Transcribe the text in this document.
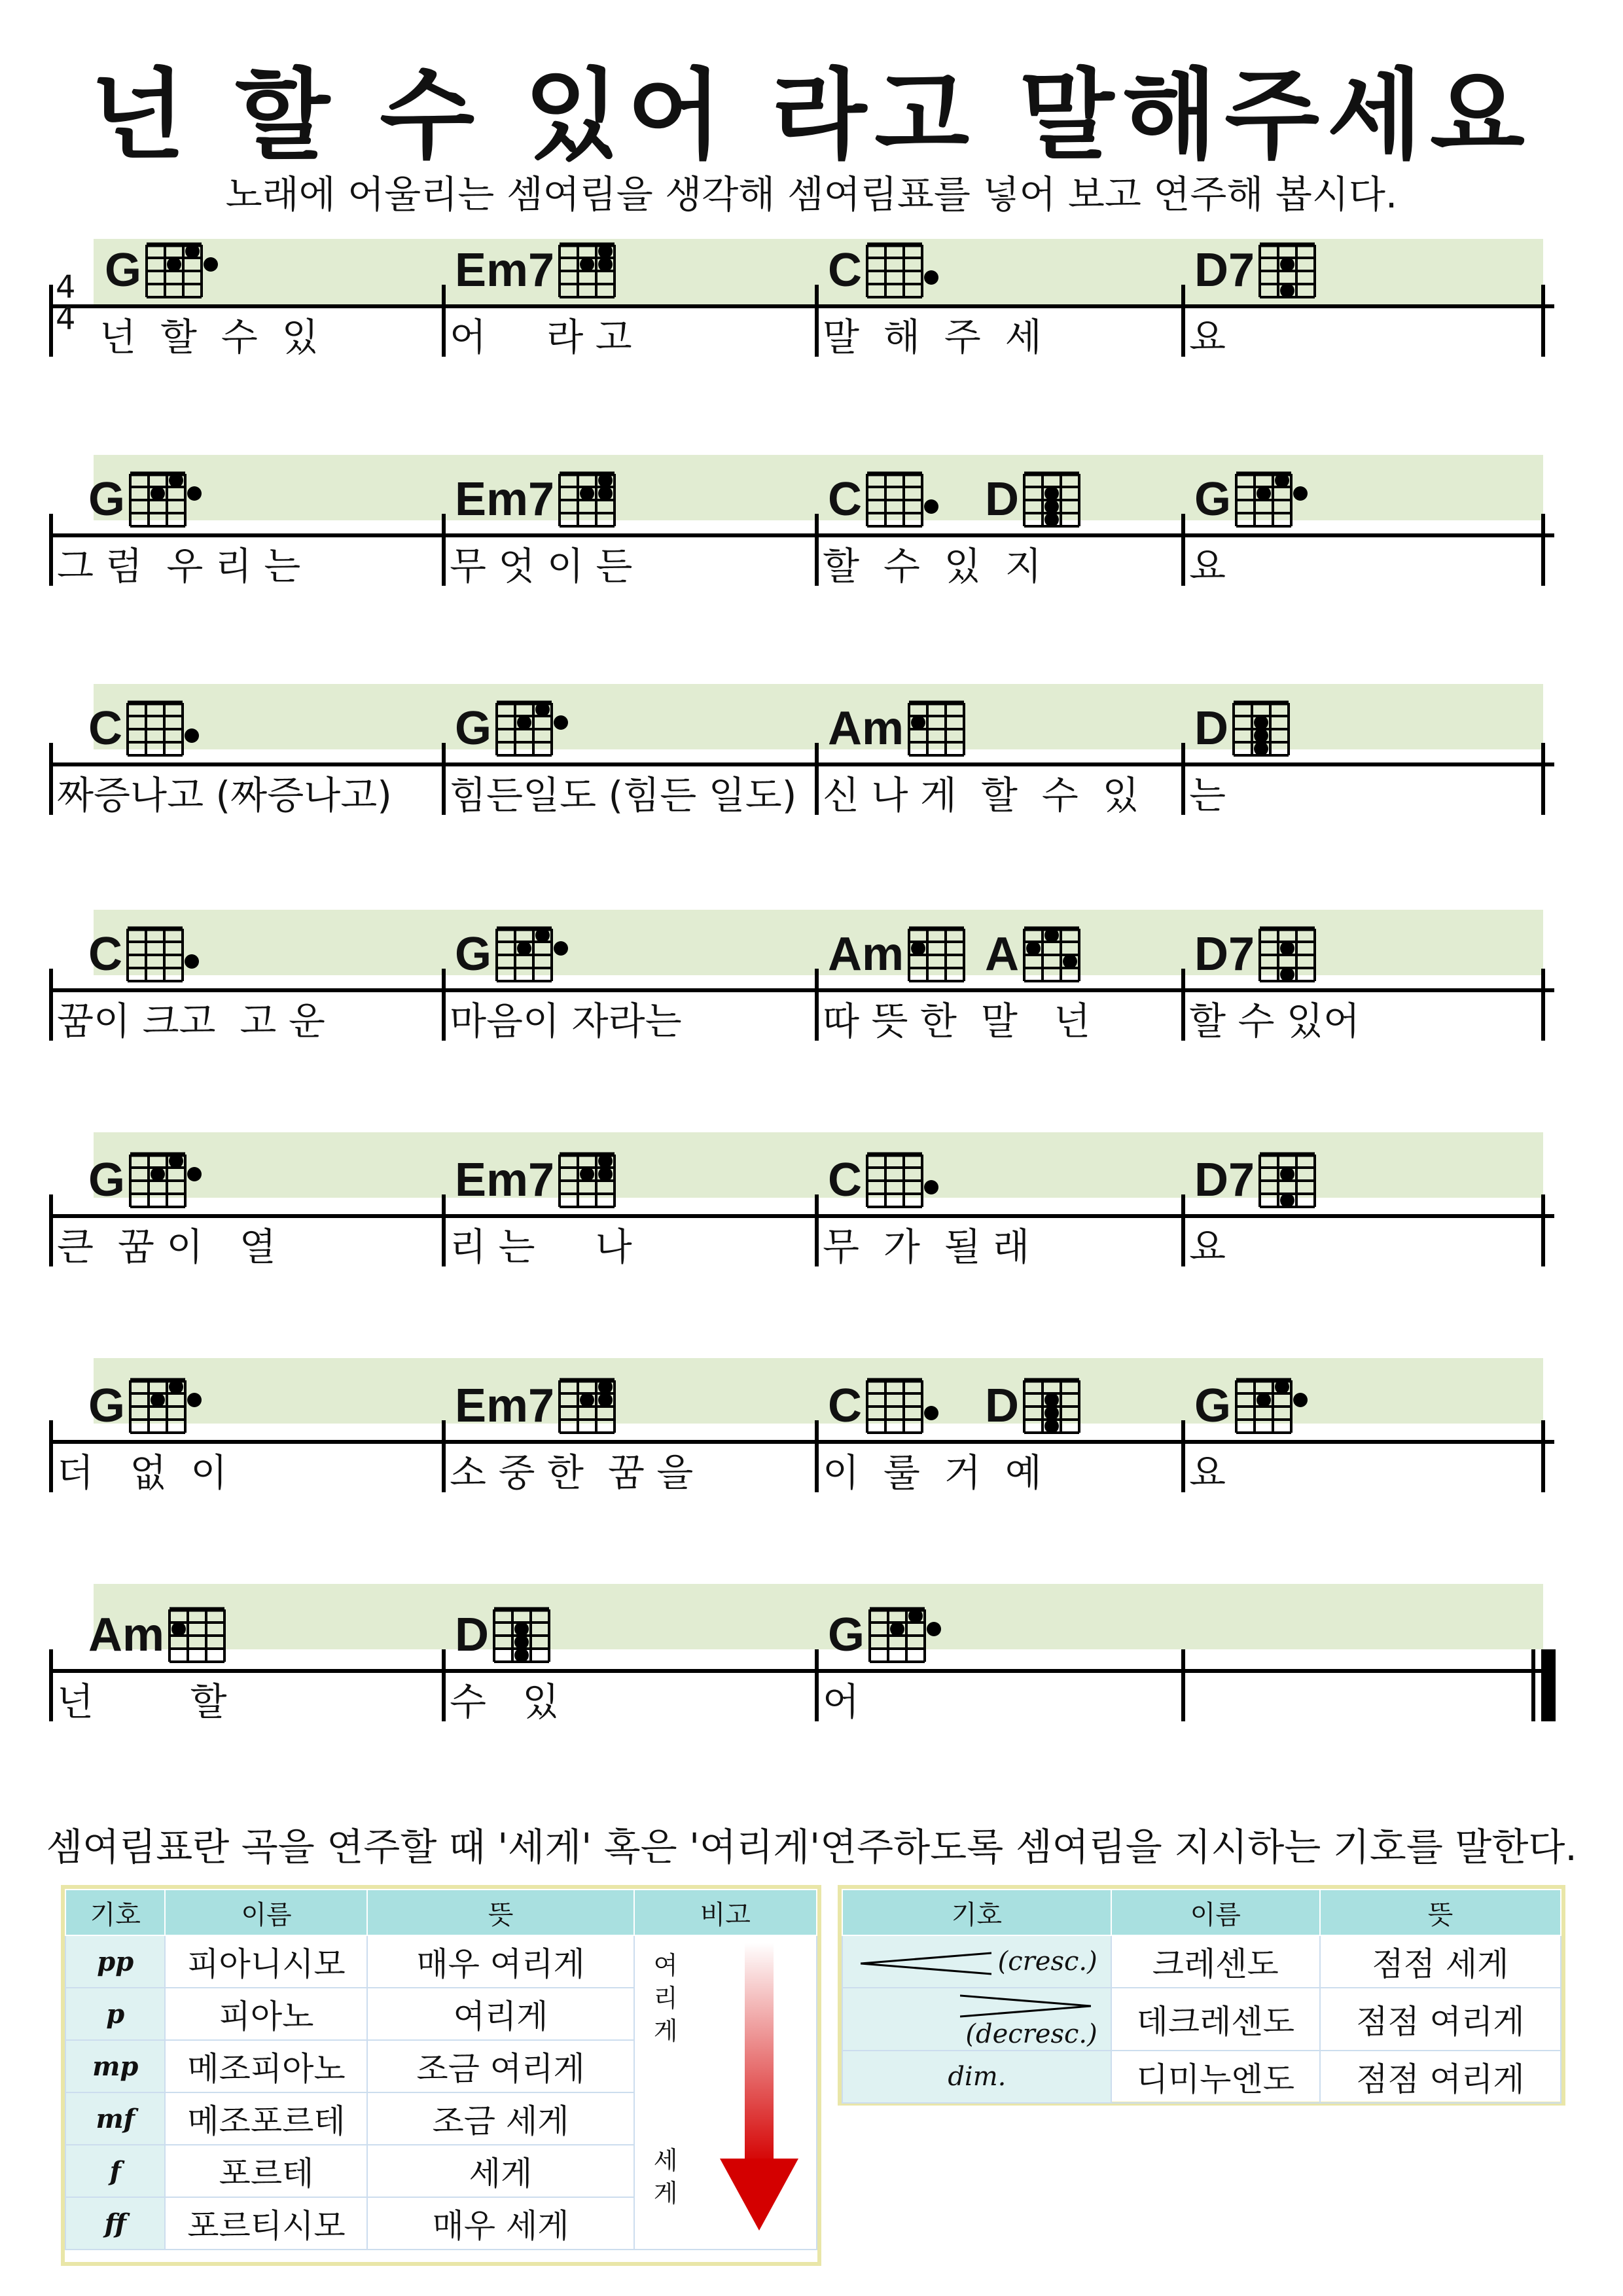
넌 할 수 있어 라고 말해주세요
노래에 어울리는 셈여림을 생각해 셈여림표를 넣어 보고 연주해 봅시다.
4
4
G	Em7	C	D7
넌  할  수  있	어     라 고	말  해  주  세	요
G	Em7	C	D	G
그 럼  우 리 는	무 엇 이 든	할  수  있  지	요
C	G	Am	D
짜증나고 (짜증나고) 힘든일도 (힘든 일도) 신 나 게  할  수  있 는
C	G	Am A	D7
꿈이 크고  고 운	마음이 자라는	따 뜻 한  말   넌	할 수 있어
G	Em7	C	D7
큰  꿈 이   열	리 는     나	무  가  될 래	요
G	Em7	C	D	G
더   없  이	소 중 한  꿈 을	이  룰  거  예	요
Am	D	G
넌        할	수   있	어
셈여림표란 곡을 연주할 때 '세게' 혹은 '여리게'연주하도록 셈여림을 지시하는 기호를 말한다.
기호	이름	뜻	비고
pp	피아니시모	매우 여리게	여리게
세게

p	피아노	여리게	
mp	메조피아노	조금 여리게	
mf	메조포르테	조금 세게	
f	포르테	세게	
ff	포르티시모	매우 세게	
기호	이름	뜻
(cresc.)	크레센도	점점 세게
(decresc.)	데크레센도	점점 여리게
dim.	디미누엔도	점점 여리게
